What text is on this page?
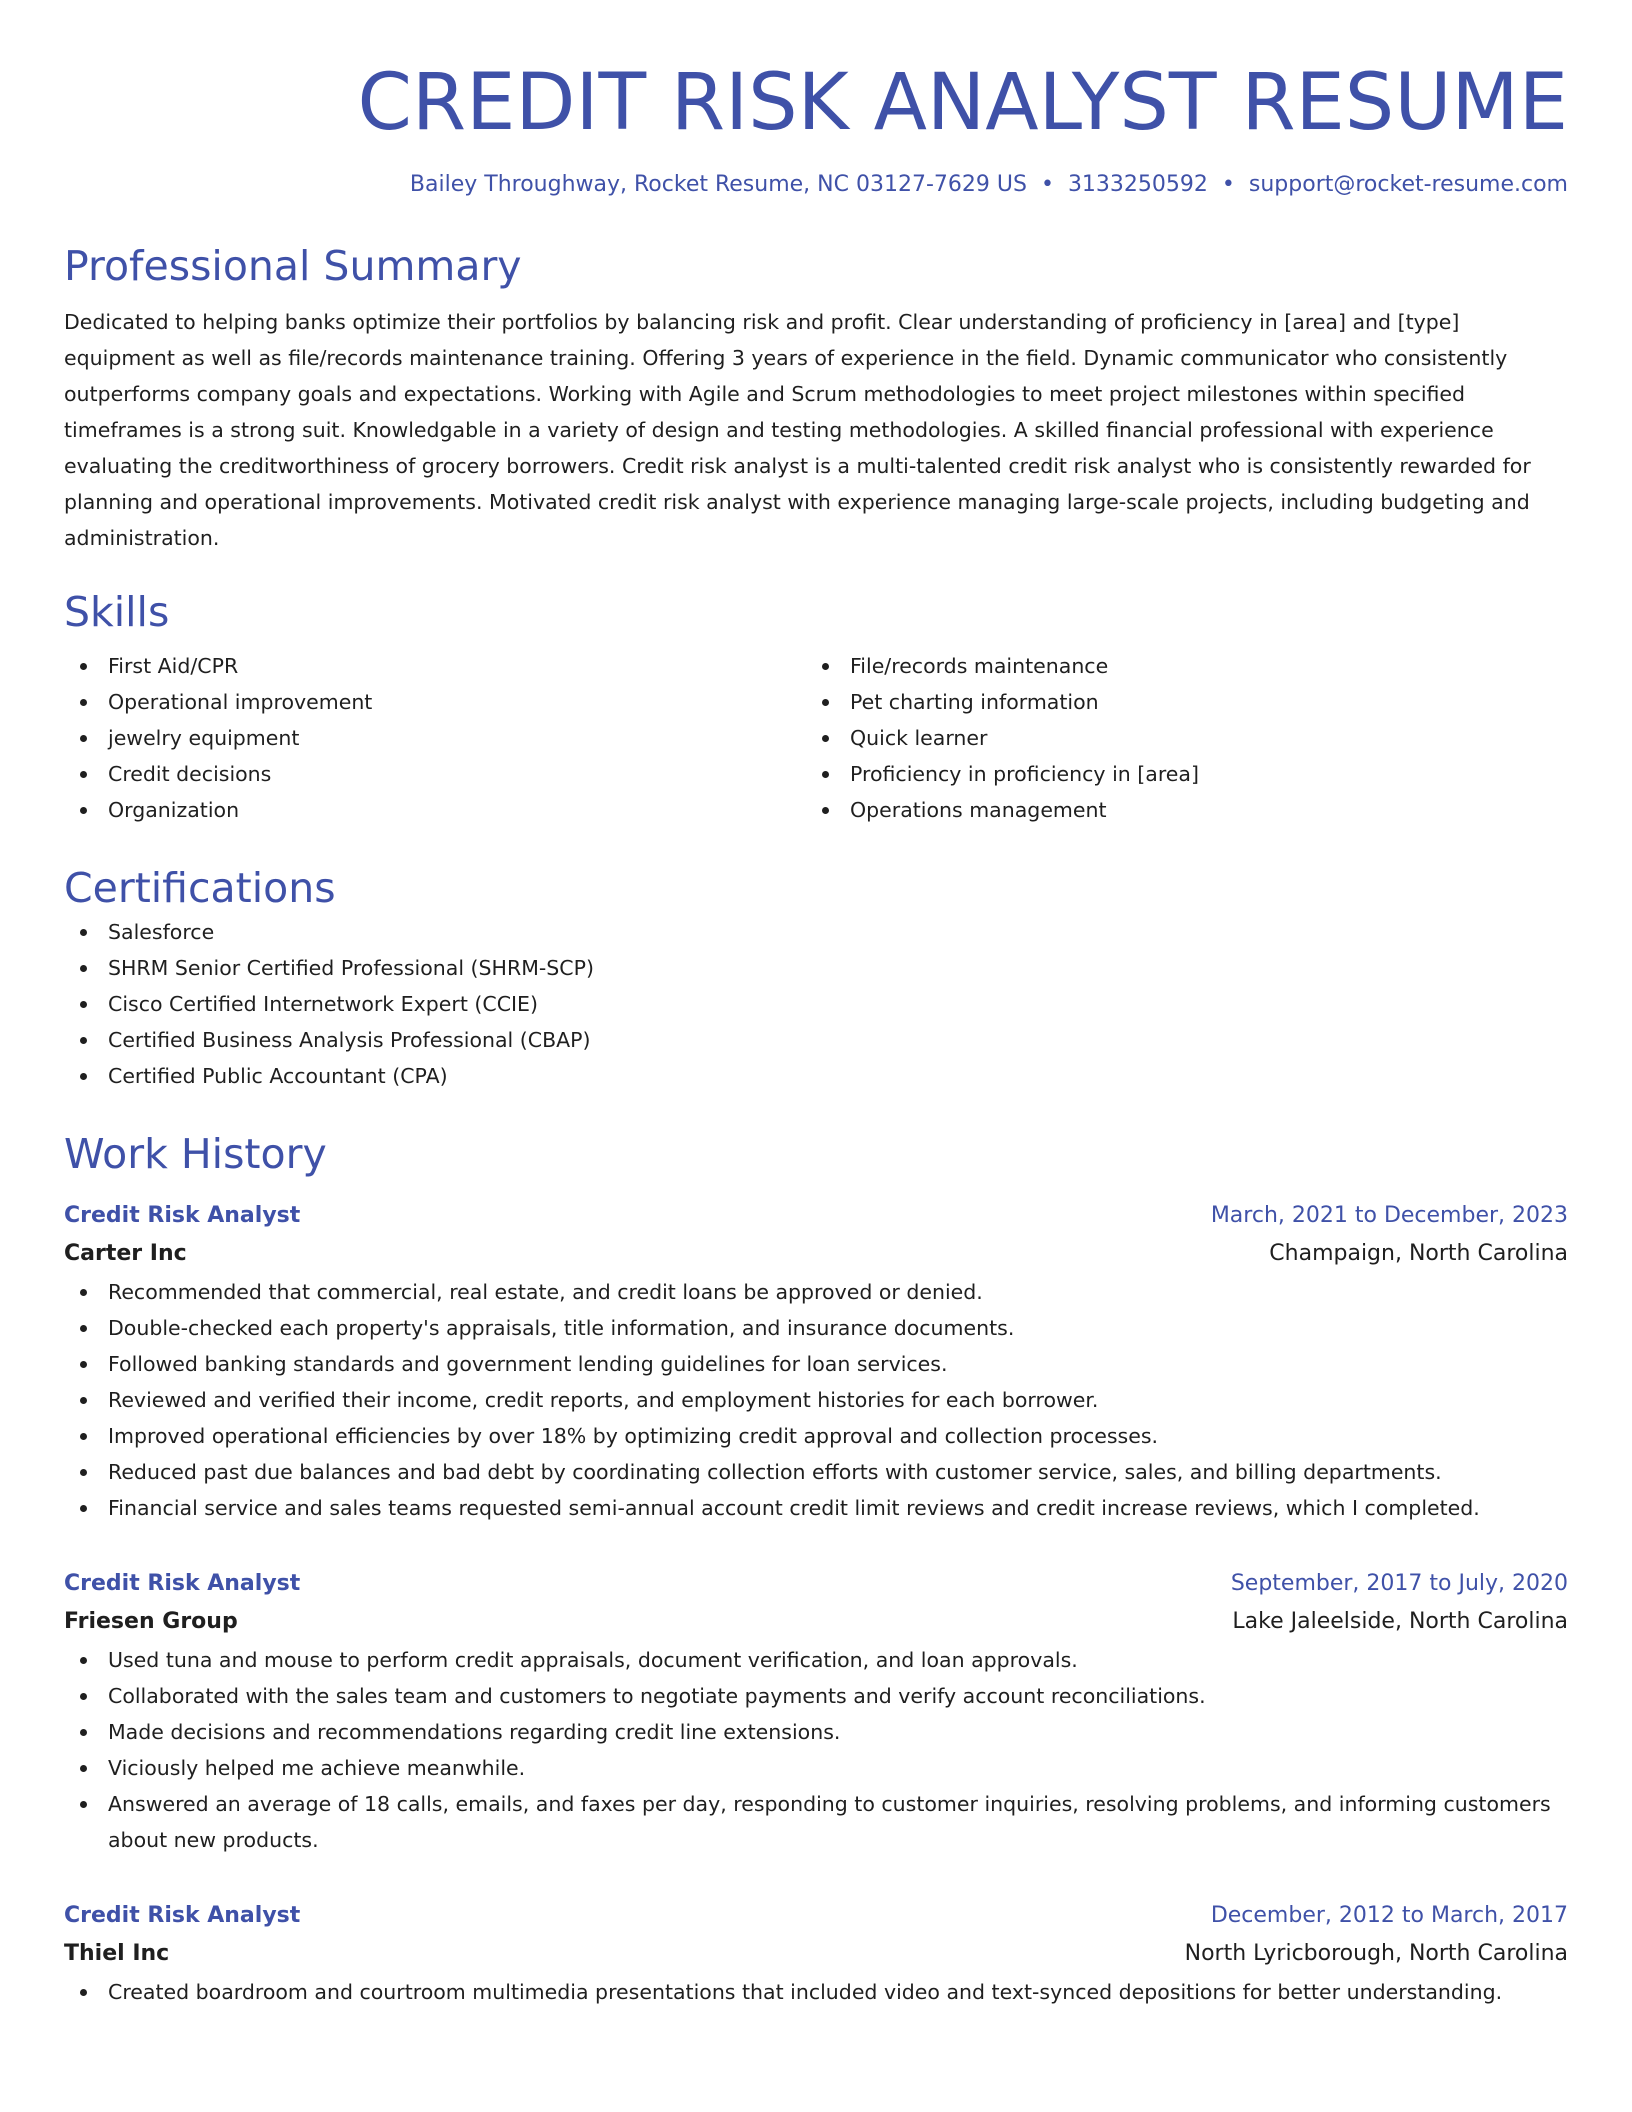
CREDIT RISK ANALYST RESUME
Bailey Throughway, Rocket Resume, NC 03127-7629 US • 3133250592 • support@rocket-resume.com
Professional Summary
Dedicated to helping banks optimize their portfolios by balancing risk and profit. Clear understanding of proficiency in [area] and [type] equipment as well as file/records maintenance training. Offering 3 years of experience in the field. Dynamic communicator who consistently outperforms company goals and expectations. Working with Agile and Scrum methodologies to meet project milestones within specified timeframes is a strong suit. Knowledgable in a variety of design and testing methodologies. A skilled financial professional with experience evaluating the creditworthiness of grocery borrowers. Credit risk analyst is a multi-talented credit risk analyst who is consistently rewarded for planning and operational improvements. Motivated credit risk analyst with experience managing large-scale projects, including budgeting and administration.
Skills
First Aid/CPR
Operational improvement
jewelry equipment
Credit decisions
Organization
File/records maintenance
Pet charting information
Quick learner
Proficiency in proficiency in [area]
Operations management
Certifications
Salesforce
SHRM Senior Certified Professional (SHRM-SCP)
Cisco Certified Internetwork Expert (CCIE)
Certified Business Analysis Professional (CBAP)
Certified Public Accountant (CPA)
Work History
Credit Risk Analyst	March, 2021 to December, 2023
Carter Inc	Champaign, North Carolina
Recommended that commercial, real estate, and credit loans be approved or denied.
Double-checked each property's appraisals, title information, and insurance documents.
Followed banking standards and government lending guidelines for loan services.
Reviewed and verified their income, credit reports, and employment histories for each borrower.
Improved operational efficiencies by over 18% by optimizing credit approval and collection processes.
Reduced past due balances and bad debt by coordinating collection efforts with customer service, sales, and billing departments.
Financial service and sales teams requested semi-annual account credit limit reviews and credit increase reviews, which I completed.
Credit Risk Analyst	September, 2017 to July, 2020
Friesen Group	Lake Jaleelside, North Carolina
Used tuna and mouse to perform credit appraisals, document verification, and loan approvals.
Collaborated with the sales team and customers to negotiate payments and verify account reconciliations.
Made decisions and recommendations regarding credit line extensions.
Viciously helped me achieve meanwhile.
Answered an average of 18 calls, emails, and faxes per day, responding to customer inquiries, resolving problems, and informing customers about new products.
Credit Risk Analyst	December, 2012 to March, 2017
Thiel Inc	North Lyricborough, North Carolina
Created boardroom and courtroom multimedia presentations that included video and text-synced depositions for better understanding.
